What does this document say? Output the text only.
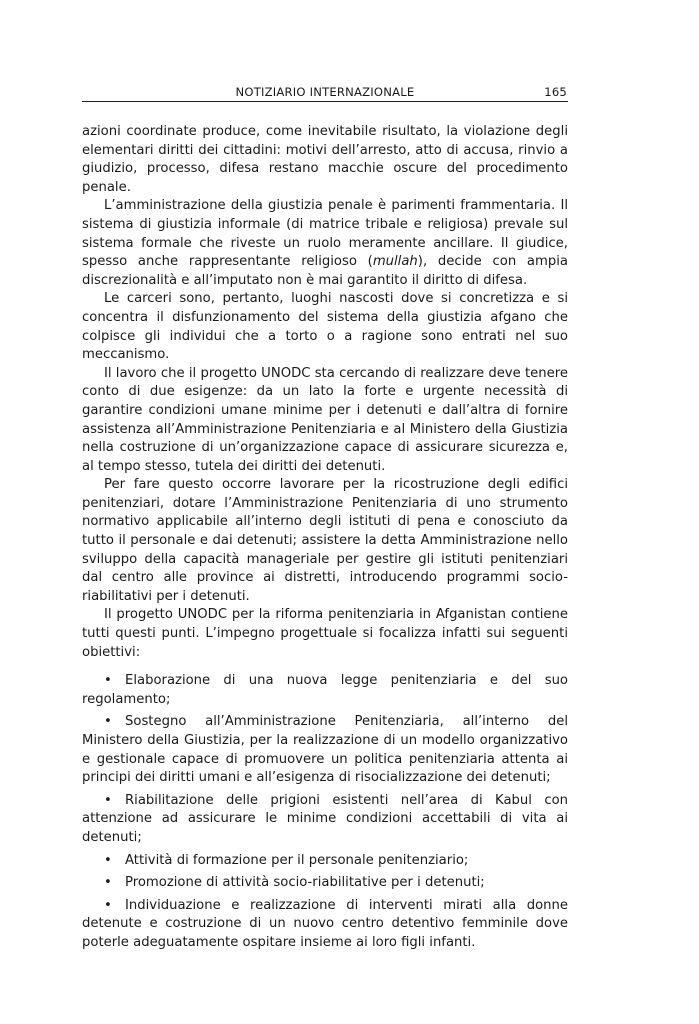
NOTIZIARIO INTERNAZIONALE	165

azioni coordinate produce, come inevitabile risultato, la violazione degli elementari diritti dei cittadini: motivi dell’arresto, atto di accusa, rinvio a giudizio, processo, difesa restano macchie oscure del procedimento penale.

L’amministrazione della giustizia penale è parimenti frammentaria. Il sistema di giustizia informale (di matrice tribale e religiosa) prevale sul sistema formale che riveste un ruolo meramente ancillare. Il giudice, spesso anche rappresentante religioso (mullah), decide con ampia discrezionalità e all’imputato non è mai garantito il diritto di difesa.

Le carceri sono, pertanto, luoghi nascosti dove si concretizza e si concentra il disfunzionamento del sistema della giustizia afgano che colpisce gli individui che a torto o a ragione sono entrati nel suo meccanismo.

Il lavoro che il progetto UNODC sta cercando di realizzare deve tenere conto di due esigenze: da un lato la forte e urgente necessità di garantire condizioni umane minime per i detenuti e dall’altra di fornire assistenza all’Amministrazione Penitenziaria e al Ministero della Giustizia nella costruzione di un’organizzazione capace di assicurare sicurezza e, al tempo stesso, tutela dei diritti dei detenuti.

Per fare questo occorre lavorare per la ricostruzione degli edifici penitenziari, dotare l’Amministrazione Penitenziaria di uno strumento normativo applicabile all’interno degli istituti di pena e conosciuto da tutto il personale e dai detenuti; assistere la detta Amministrazione nello sviluppo della capacità manageriale per gestire gli istituti penitenziari dal centro alle province ai distretti, introducendo programmi socio-riabilitativi per i detenuti.

Il progetto UNODC per la riforma penitenziaria in Afganistan contiene tutti questi punti. L’impegno progettuale si focalizza infatti sui seguenti obiettivi:

• Elaborazione di una nuova legge penitenziaria e del suo regolamento;

• Sostegno all’Amministrazione Penitenziaria, all’interno del Ministero della Giustizia, per la realizzazione di un modello organizzativo e gestionale capace di promuovere un politica penitenziaria attenta ai principi dei diritti umani e all’esigenza di risocializzazione dei detenuti;

• Riabilitazione delle prigioni esistenti nell’area di Kabul con attenzione ad assicurare le minime condizioni accettabili di vita ai detenuti;

• Attività di formazione per il personale penitenziario;

• Promozione di attività socio-riabilitative per i detenuti;

• Individuazione e realizzazione di interventi mirati alla donne detenute e costruzione di un nuovo centro detentivo femminile dove poterle adeguatamente ospitare insieme ai loro figli infanti.
